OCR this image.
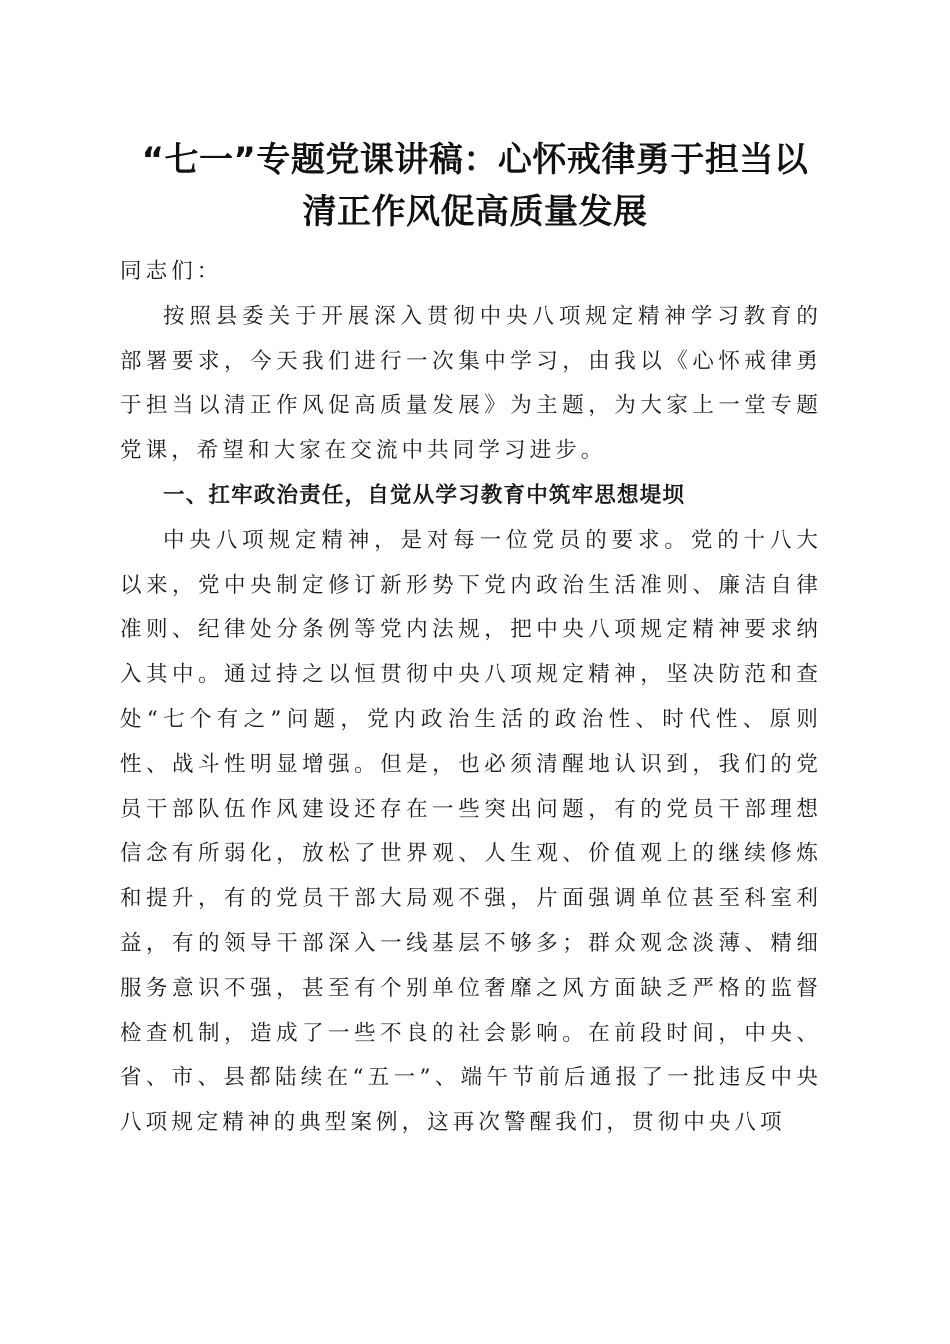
“七一”专题党课讲稿：心怀戒律勇于担当以
清正作风促高质量发展

同志们：

按照县委关于开展深入贯彻中央八项规定精神学习教育的部署要求，今天我们进行一次集中学习，由我以《心怀戒律勇于担当以清正作风促高质量发展》为主题，为大家上一堂专题党课，希望和大家在交流中共同学习进步。

一、扛牢政治责任，自觉从学习教育中筑牢思想堤坝

中央八项规定精神，是对每一位党员的要求。党的十八大以来，党中央制定修订新形势下党内政治生活准则、廉洁自律准则、纪律处分条例等党内法规，把中央八项规定精神要求纳入其中。通过持之以恒贯彻中央八项规定精神，坚决防范和查处“七个有之”问题，党内政治生活的政治性、时代性、原则性、战斗性明显增强。但是，也必须清醒地认识到，我们的党员干部队伍作风建设还存在一些突出问题，有的党员干部理想信念有所弱化，放松了世界观、人生观、价值观上的继续修炼和提升，有的党员干部大局观不强，片面强调单位甚至科室利益，有的领导干部深入一线基层不够多；群众观念淡薄、精细服务意识不强，甚至有个别单位奢靡之风方面缺乏严格的监督检查机制，造成了一些不良的社会影响。在前段时间，中央、省、市、县都陆续在“五一”、端午节前后通报了一批违反中央八项规定精神的典型案例，这再次警醒我们，贯彻中央八项
